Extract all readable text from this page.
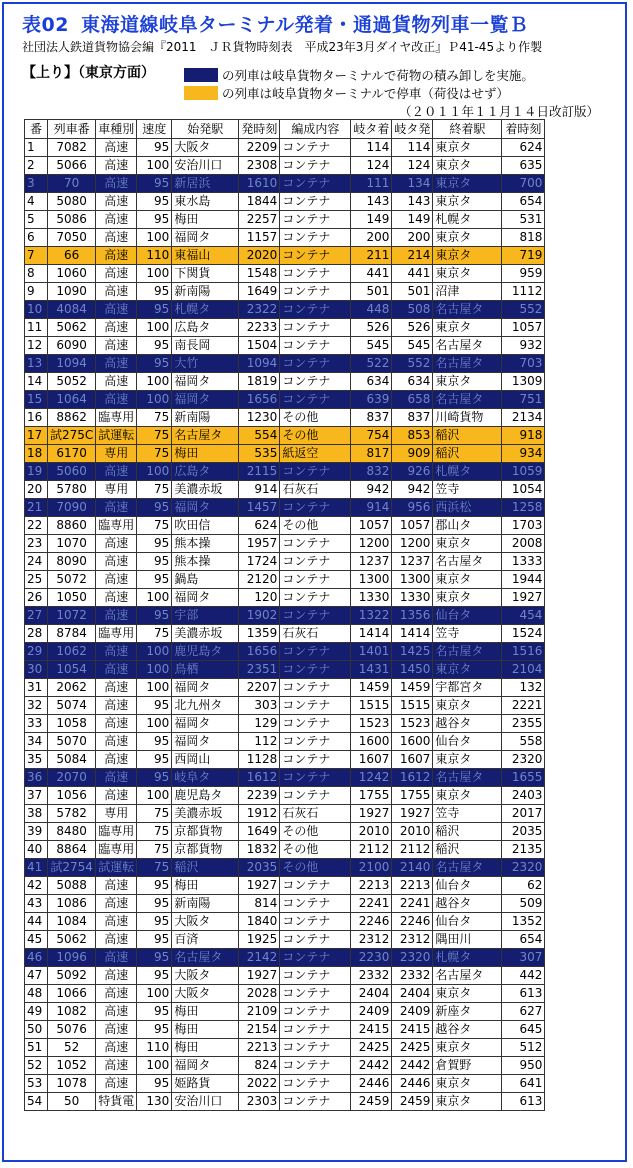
表02 東海道線岐阜ターミナル発着・通過貨物列車一覧Ｂ
社団法人鉄道貨物協会編『2011　ＪＲ貨物時刻表　平成23年3月ダイヤ改正』Ｐ41-45より作製
【上り】（東京方面）	の列車は岐阜貨物ターミナルで荷物の積み卸しを実施。
の列車は岐阜貨物ターミナルで停車（荷役はせず）
（２０１１年１１月１４日改訂版）
番	列車番	車種別	速度	始発駅	発時刻	編成内容	岐タ着	岐タ発	終着駅	着時刻
1	7082	高速	95	大阪タ	2209	コンテナ	114	114	東京タ	624
2	5066	高速	100	安治川口	2308	コンテナ	124	124	東京タ	635
3	70	高速	95	新居浜	1610	コンテナ	111	134	東京タ	700
4	5080	高速	95	東水島	1844	コンテナ	143	143	東京タ	654
5	5086	高速	95	梅田	2257	コンテナ	149	149	札幌タ	531
6	7050	高速	100	福岡タ	1157	コンテナ	200	200	東京タ	818
7	66	高速	110	東福山	2020	コンテナ	211	214	東京タ	719
8	1060	高速	100	下関貨	1548	コンテナ	441	441	東京タ	959
9	1090	高速	95	新南陽	1649	コンテナ	501	501	沼津	1112
10	4084	高速	95	札幌タ	2322	コンテナ	448	508	名古屋タ	552
11	5062	高速	100	広島タ	2233	コンテナ	526	526	東京タ	1057
12	6090	高速	95	南長岡	1504	コンテナ	545	545	名古屋タ	932
13	1094	高速	95	大竹	1094	コンテナ	522	552	名古屋タ	703
14	5052	高速	100	福岡タ	1819	コンテナ	634	634	東京タ	1309
15	1064	高速	100	福岡タ	1656	コンテナ	639	658	名古屋タ	751
16	8862	臨専用	75	新南陽	1230	その他	837	837	川崎貨物	2134
17	試275C	試運転	75	名古屋タ	554	その他	754	853	稲沢	918
18	6170	専用	75	梅田	535	紙返空	817	909	稲沢	934
19	5060	高速	100	広島タ	2115	コンテナ	832	926	札幌タ	1059
20	5780	専用	75	美濃赤坂	914	石灰石	942	942	笠寺	1054
21	7090	高速	95	福岡タ	1457	コンテナ	914	956	西浜松	1258
22	8860	臨専用	75	吹田信	624	その他	1057	1057	郡山タ	1703
23	1070	高速	95	熊本操	1957	コンテナ	1200	1200	東京タ	2008
24	8090	高速	95	熊本操	1724	コンテナ	1237	1237	名古屋タ	1333
25	5072	高速	95	鍋島	2120	コンテナ	1300	1300	東京タ	1944
26	1050	高速	100	福岡タ	120	コンテナ	1330	1330	東京タ	1927
27	1072	高速	95	宇部	1902	コンテナ	1322	1356	仙台タ	454
28	8784	臨専用	75	美濃赤坂	1359	石灰石	1414	1414	笠寺	1524
29	1062	高速	100	鹿児島タ	1656	コンテナ	1401	1425	名古屋タ	1516
30	1054	高速	100	鳥栖	2351	コンテナ	1431	1450	東京タ	2104
31	2062	高速	100	福岡タ	2207	コンテナ	1459	1459	宇都宮タ	132
32	5074	高速	95	北九州タ	303	コンテナ	1515	1515	東京タ	2221
33	1058	高速	100	福岡タ	129	コンテナ	1523	1523	越谷タ	2355
34	5070	高速	95	福岡タ	112	コンテナ	1600	1600	仙台タ	558
35	5084	高速	95	西岡山	1128	コンテナ	1607	1607	東京タ	2320
36	2070	高速	95	岐阜タ	1612	コンテナ	1242	1612	名古屋タ	1655
37	1056	高速	100	鹿児島タ	2239	コンテナ	1755	1755	東京タ	2403
38	5782	専用	75	美濃赤坂	1912	石灰石	1927	1927	笠寺	2017
39	8480	臨専用	75	京都貨物	1649	その他	2010	2010	稲沢	2035
40	8864	臨専用	75	京都貨物	1832	その他	2112	2112	稲沢	2135
41	試2754	試運転	75	稲沢	2035	その他	2100	2140	名古屋タ	2320
42	5088	高速	95	梅田	1927	コンテナ	2213	2213	仙台タ	62
43	1086	高速	95	新南陽	814	コンテナ	2241	2241	越谷タ	509
44	1084	高速	95	大阪タ	1840	コンテナ	2246	2246	仙台タ	1352
45	5062	高速	95	百済	1925	コンテナ	2312	2312	隅田川	654
46	1096	高速	95	名古屋タ	2142	コンテナ	2230	2320	札幌タ	307
47	5092	高速	95	大阪タ	1927	コンテナ	2332	2332	名古屋タ	442
48	1066	高速	100	大阪タ	2028	コンテナ	2404	2404	東京タ	613
49	1082	高速	95	梅田	2109	コンテナ	2409	2409	新座タ	627
50	5076	高速	95	梅田	2154	コンテナ	2415	2415	越谷タ	645
51	52	高速	110	梅田	2213	コンテナ	2425	2425	東京タ	512
52	1052	高速	100	福岡タ	824	コンテナ	2442	2442	倉賀野	950
53	1078	高速	95	姫路貨	2022	コンテナ	2446	2446	東京タ	641
54	50	特貨電	130	安治川口	2303	コンテナ	2459	2459	東京タ	613
